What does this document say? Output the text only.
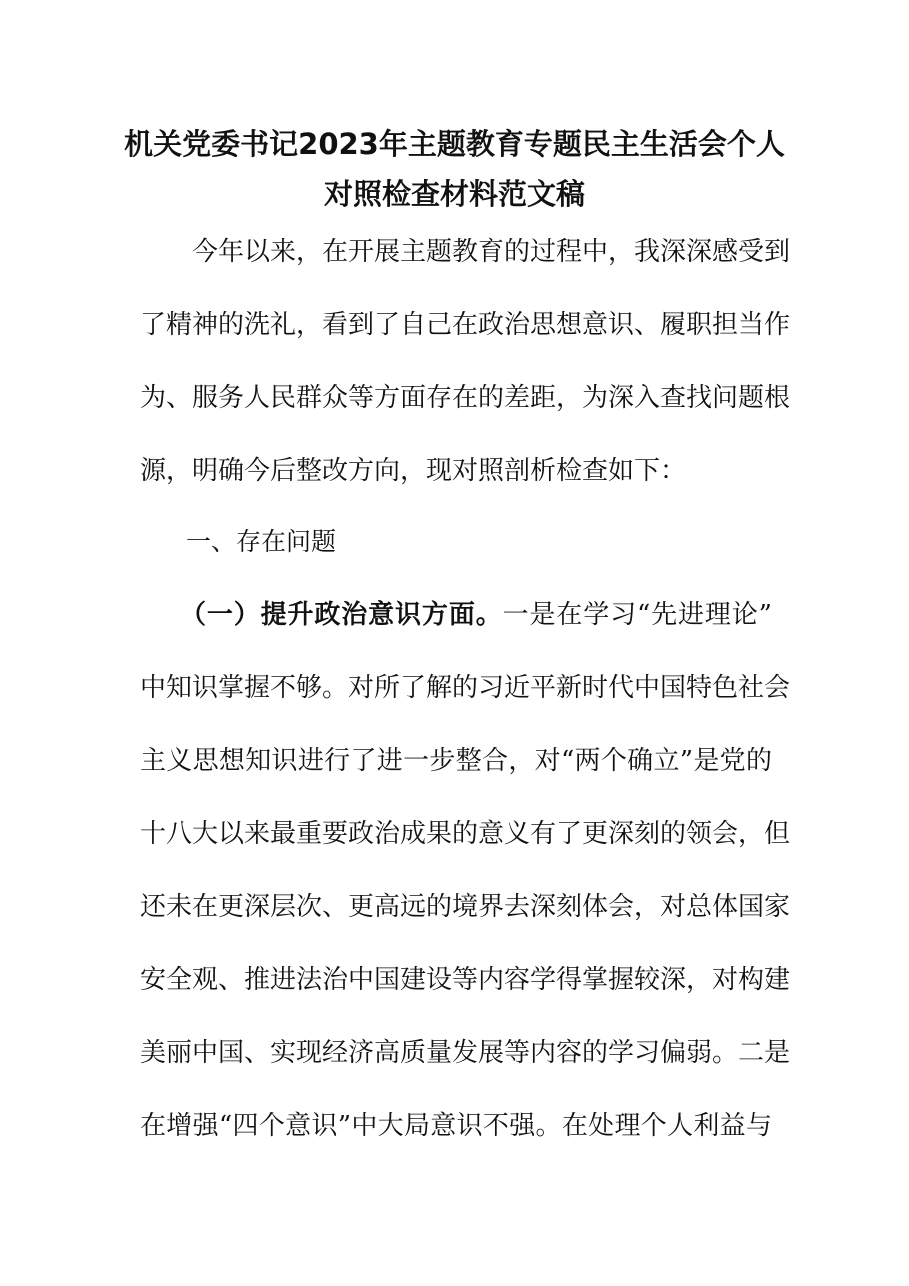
机关党委书记2023年主题教育专题民主生活会个人
对照检查材料范文稿
今年以来，在开展主题教育的过程中，我深深感受到
了精神的洗礼，看到了自己在政治思想意识、履职担当作
为、服务人民群众等方面存在的差距，为深入查找问题根
源，明确今后整改方向，现对照剖析检查如下：
一、存在问题
（一）提升政治意识方面。一是在学习“先进理论”
中知识掌握不够。对所了解的习近平新时代中国特色社会
主义思想知识进行了进一步整合，对“两个确立”是党的
十八大以来最重要政治成果的意义有了更深刻的领会，但
还未在更深层次、更高远的境界去深刻体会，对总体国家
安全观、推进法治中国建设等内容学得掌握较深，对构建
美丽中国、实现经济高质量发展等内容的学习偏弱。二是
在增强“四个意识”中大局意识不强。在处理个人利益与
